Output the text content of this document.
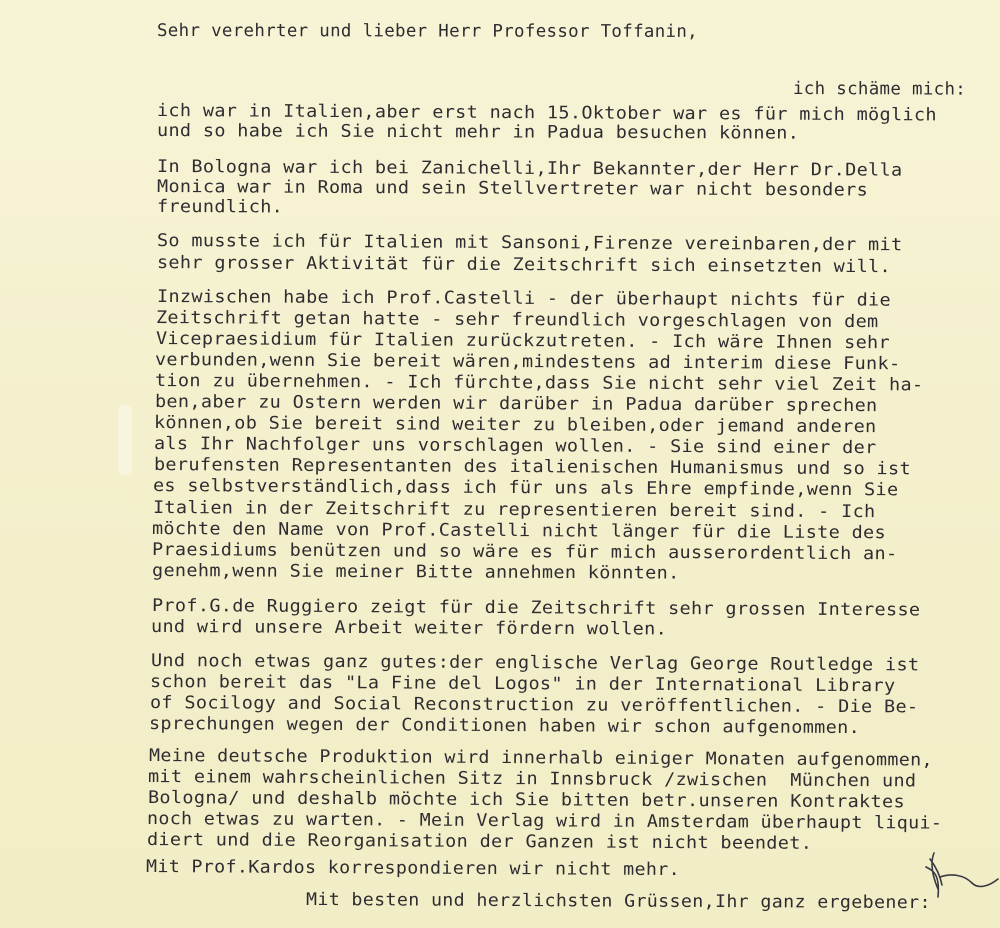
Sehr verehrter und lieber Herr Professor Toffanin,
ich schäme mich:
ich war in Italien,aber erst nach 15.Oktober war es für mich möglich
und so habe ich Sie nicht mehr in Padua besuchen können.
In Bologna war ich bei Zanichelli,Ihr Bekannter,der Herr Dr.Della
Monica war in Roma und sein Stellvertreter war nicht besonders
freundlich.
So musste ich für Italien mit Sansoni,Firenze vereinbaren,der mit
sehr grosser Aktivität für die Zeitschrift sich einsetzten will.
Inzwischen habe ich Prof.Castelli - der überhaupt nichts für die
Zeitschrift getan hatte - sehr freundlich vorgeschlagen von dem
Vicepraesidium für Italien zurückzutreten. - Ich wäre Ihnen sehr
verbunden,wenn Sie bereit wären,mindestens ad interim diese Funk-
tion zu übernehmen. - Ich fürchte,dass Sie nicht sehr viel Zeit ha-
ben,aber zu Ostern werden wir darüber in Padua darüber sprechen
können,ob Sie bereit sind weiter zu bleiben,oder jemand anderen
als Ihr Nachfolger uns vorschlagen wollen. - Sie sind einer der
berufensten Representanten des italienischen Humanismus und so ist
es selbstverständlich,dass ich für uns als Ehre empfinde,wenn Sie
Italien in der Zeitschrift zu representieren bereit sind. - Ich
möchte den Name von Prof.Castelli nicht länger für die Liste des
Praesidiums benützen und so wäre es für mich ausserordentlich an-
genehm,wenn Sie meiner Bitte annehmen könnten.
Prof.G.de Ruggiero zeigt für die Zeitschrift sehr grossen Interesse
und wird unsere Arbeit weiter fördern wollen.
Und noch etwas ganz gutes:der englische Verlag George Routledge ist
schon bereit das "La Fine del Logos" in der International Library
of Socilogy and Social Reconstruction zu veröffentlichen. - Die Be-
sprechungen wegen der Conditionen haben wir schon aufgenommen.
Meine deutsche Produktion wird innerhalb einiger Monaten aufgenommen,
mit einem wahrscheinlichen Sitz in Innsbruck /zwischen  München und
Bologna/ und deshalb möchte ich Sie bitten betr.unseren Kontraktes
noch etwas zu warten. - Mein Verlag wird in Amsterdam überhaupt liqui-
diert und die Reorganisation der Ganzen ist nicht beendet.
Mit Prof.Kardos korrespondieren wir nicht mehr.
Mit besten und herzlichsten Grüssen,Ihr ganz ergebener:
